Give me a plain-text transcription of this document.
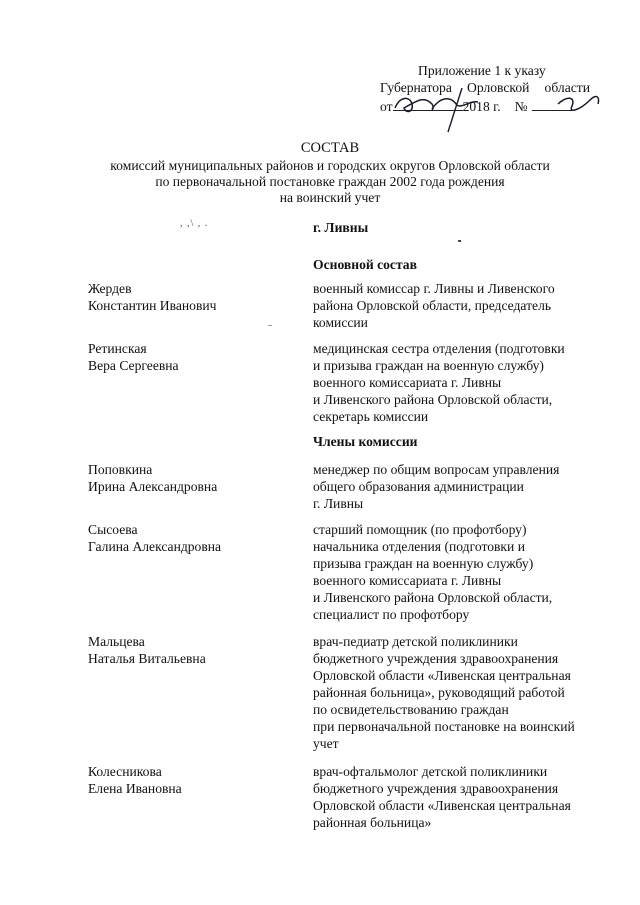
Приложение 1 к указу
Губернатора Орловской области
от	2018 г. №
СОСТАВ
комиссий муниципальных районов и городских округов Орловской области
по первоначальной постановке граждан 2002 года рождения
на воинский учет
, ,\ , .	г. Ливны
Основной состав
Жердев
Константин Иванович
военный комиссар г. Ливны и Ливенского
района Орловской области, председатель
комиссии
Ретинская
Вера Сергеевна
медицинская сестра отделения (подготовки
и призыва граждан на военную службу)
военного комиссариата г. Ливны
и Ливенского района Орловской области,
секретарь комиссии
Члены комиссии
Поповкина
Ирина Александровна
менеджер по общим вопросам управления
общего образования администрации
г. Ливны
Сысоева
Галина Александровна
старший помощник (по профотбору)
начальника отделения (подготовки и
призыва граждан на военную службу)
военного комиссариата г. Ливны
и Ливенского района Орловской области,
специалист по профотбору
Мальцева
Наталья Витальевна
врач-педиатр детской поликлиники
бюджетного учреждения здравоохранения
Орловской области «Ливенская центральная
районная больница», руководящий работой
по освидетельствованию граждан
при первоначальной постановке на воинский
учет
Колесникова
Елена Ивановна
врач-офтальмолог детской поликлиники
бюджетного учреждения здравоохранения
Орловской области «Ливенская центральная
районная больница»
